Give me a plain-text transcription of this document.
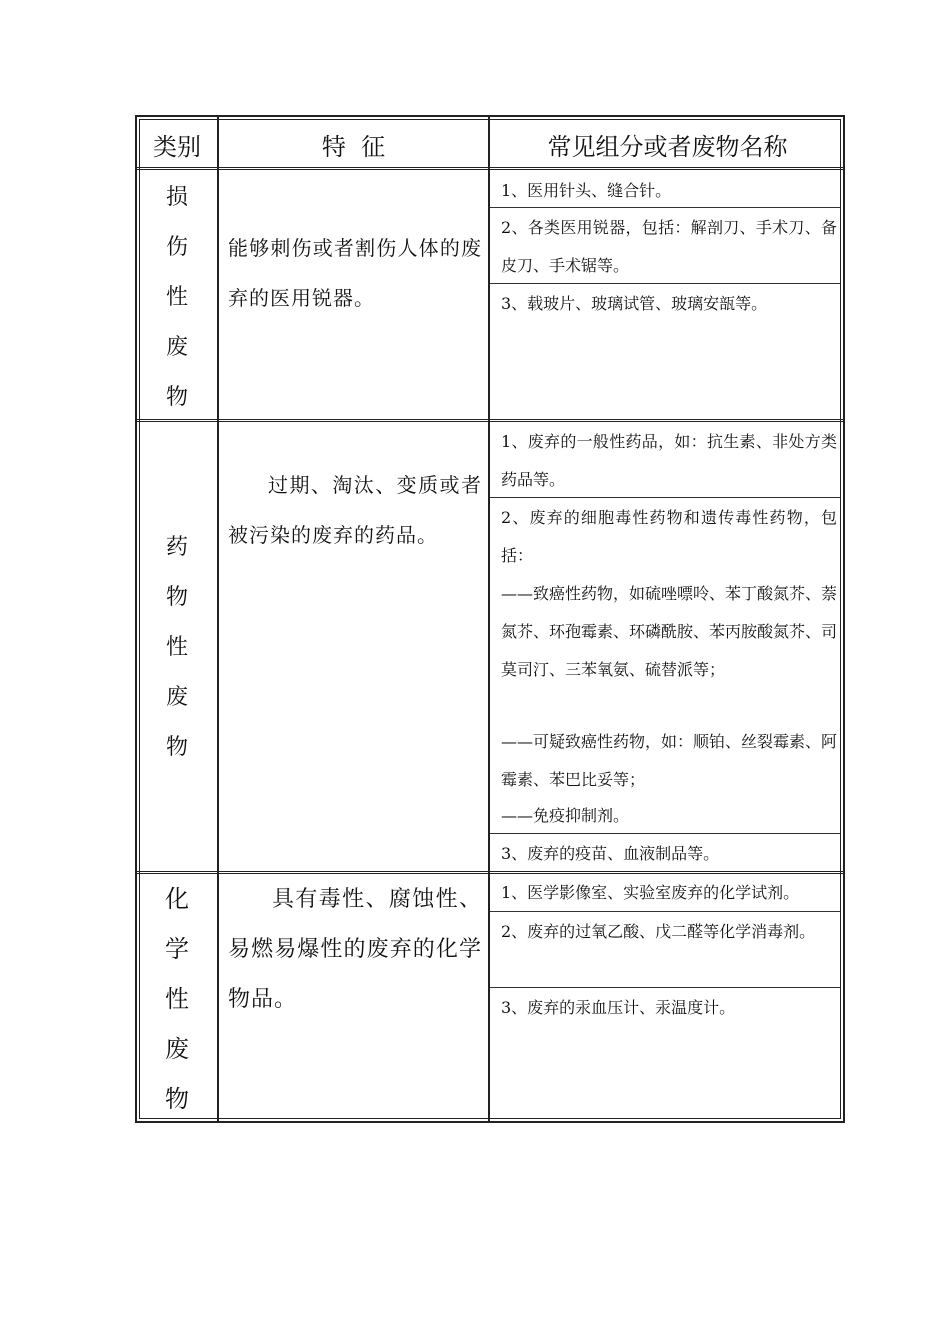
类别	特  征	常见组分或者废物名称
损
伤
性
废
物
能够刺伤或者割伤人体的废弃的医用锐器。
1、医用针头、缝合针。
2、各类医用锐器，包括：解剖刀、手术刀、备皮刀、手术锯等。
3、载玻片、玻璃试管、玻璃安瓿等。
药
物
性
废
物
过期、淘汰、变质或者被污染的废弃的药品。
1、废弃的一般性药品，如：抗生素、非处方类药品等。
2、废弃的细胞毒性药物和遗传毒性药物，包括：
——致癌性药物，如硫唑嘌呤、苯丁酸氮芥、萘氮芥、环孢霉素、环磷酰胺、苯丙胺酸氮芥、司莫司汀、三苯氧氨、硫替派等；
——可疑致癌性药物，如：顺铂、丝裂霉素、阿霉素、苯巴比妥等；
——免疫抑制剂。
3、废弃的疫苗、血液制品等。
化
学
性
废
物
具有毒性、腐蚀性、易燃易爆性的废弃的化学物品。
1、医学影像室、实验室废弃的化学试剂。
2、废弃的过氧乙酸、戊二醛等化学消毒剂。
3、废弃的汞血压计、汞温度计。
